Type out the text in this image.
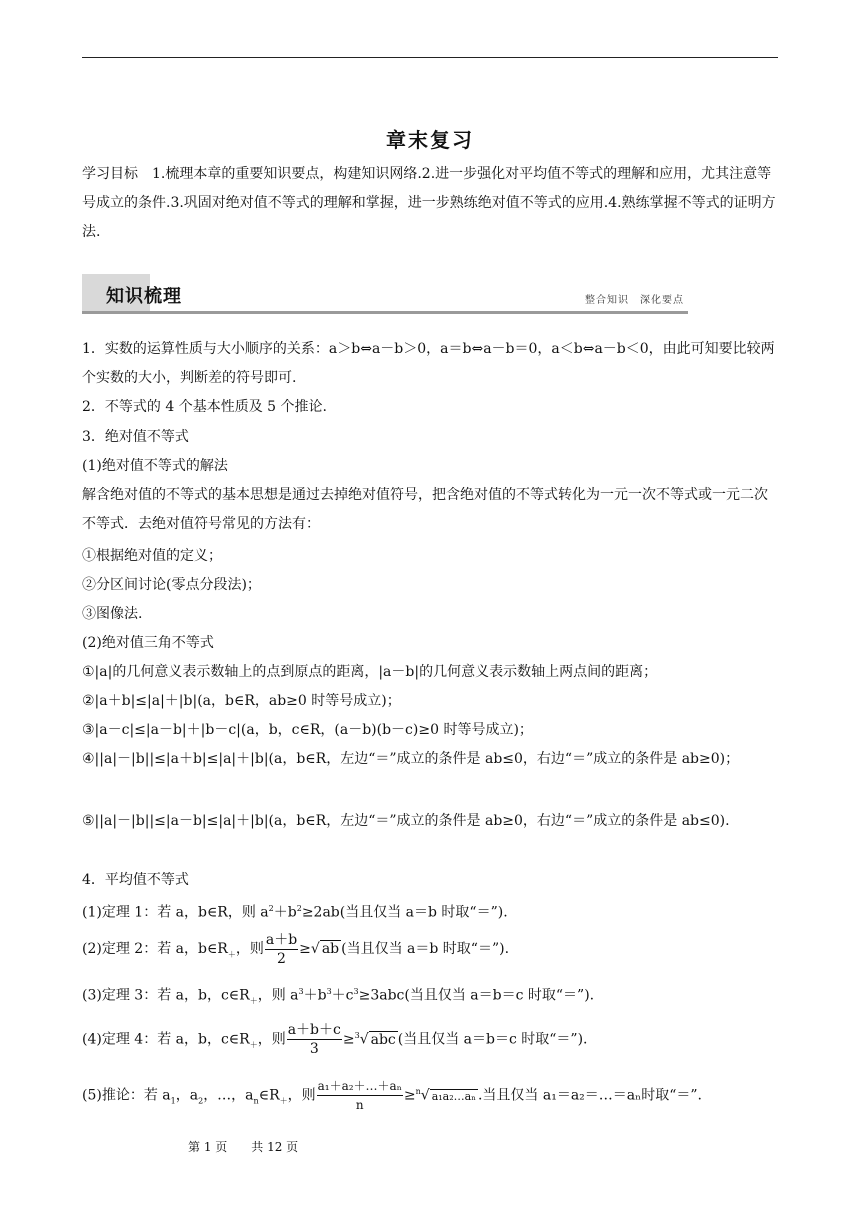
章末复习
学习目标　1.梳理本章的重要知识要点，构建知识网络.2.进一步强化对平均值不等式的理解和应用，尤其注意等号成立的条件.3.巩固对绝对值不等式的理解和掌握，进一步熟练绝对值不等式的应用.4.熟练掌握不等式的证明方法.
知识梳理	整合知识　深化要点
1．实数的运算性质与大小顺序的关系：a＞b⇔a－b＞0，a＝b⇔a－b＝0，a＜b⇔a－b＜0，由此可知要比较两个实数的大小，判断差的符号即可.
2．不等式的 4 个基本性质及 5 个推论.
3．绝对值不等式
(1)绝对值不等式的解法
解含绝对值的不等式的基本思想是通过去掉绝对值符号，把含绝对值的不等式转化为一元一次不等式或一元二次不等式．去绝对值符号常见的方法有：
①根据绝对值的定义；
②分区间讨论(零点分段法)；
③图像法.
(2)绝对值三角不等式
①|a|的几何意义表示数轴上的点到原点的距离，|a－b|的几何意义表示数轴上两点间的距离；
②|a＋b|≤|a|＋|b|(a，b∈R，ab≥0 时等号成立)；
③|a－c|≤|a－b|＋|b－c|(a，b，c∈R，(a－b)(b－c)≥0 时等号成立)；
④||a|－|b||≤|a＋b|≤|a|＋|b|(a，b∈R，左边“＝”成立的条件是 ab≤0，右边“＝”成立的条件是 ab≥0)；
⑤||a|－|b||≤|a－b|≤|a|＋|b|(a，b∈R，左边“＝”成立的条件是 ab≥0，右边“＝”成立的条件是 ab≤0).
4．平均值不等式
(1)定理 1：若 a，b∈R，则 $a^2+b^2\ge 2ab$(当且仅当 a＝b 时取“＝”).
(2)定理 2：若 a，$b\in R_+$，则 $\frac{a+b}{2}$ ≥√ ab (当且仅当 a＝b 时取“＝”).
(3)定理 3：若 a，b，$c\in R_+$，则 $a^3+b^3+c^3\ge 3abc$(当且仅当 a＝b＝c 时取“＝”).
(4)定理 4：若 a，b，$c\in R_+$，则 $\frac{a+b+c}{3} \ge^3√$ abc (当且仅当 a＝b＝c 时取“＝”).
(5)推论：若 $a_1$，$a_2$，…，$a_n\in R_+$，则 $\frac{\text{a₁＋a₂＋…＋aₙ}}{n} \ge^n√$ a₁a₂…aₙ .当且仅当 a₁＝a₂＝…＝aₙ时取“＝”.
第 1 页　　共 12 页
